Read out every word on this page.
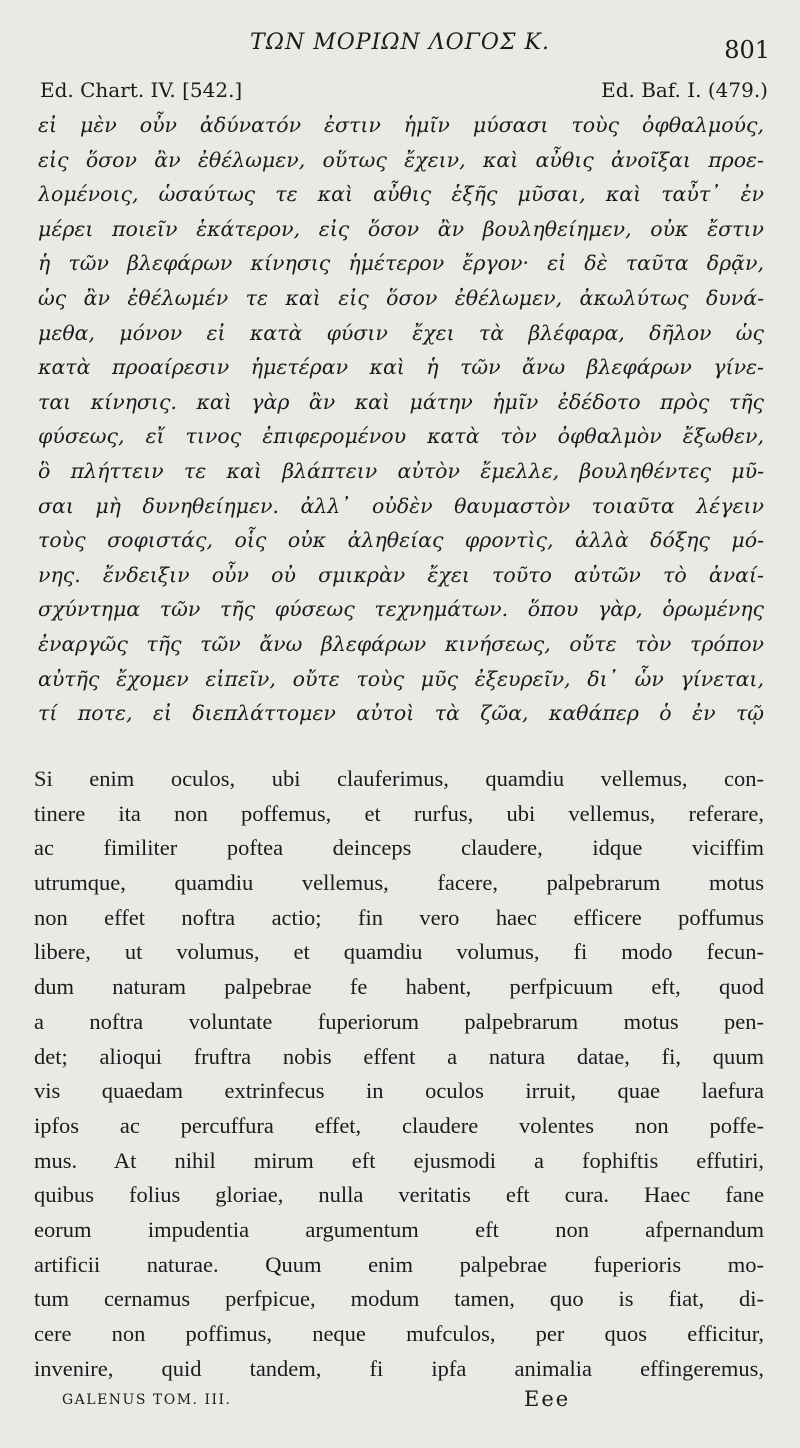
ΤΩΝ ΜΟΡΙΩΝ ΛΟΓΟΣ Κ.	801
Ed. Chart. IV. [542.]	Ed. Baf. I. (479.)
εἰ μὲν οὖν ἀδύνατόν ἐστιν ἡμῖν μύσασι τοὺς ὀφθαλμούς,
εἰς ὅσον ἂν ἐθέλωμεν, οὕτως ἔχειν, καὶ αὖθις ἀνοῖξαι προε-
λομένοις, ὡσαύτως τε καὶ αὖθις ἑξῆς μῦσαι, καὶ ταὖτ᾽ ἐν
μέρει ποιεῖν ἑκάτερον, εἰς ὅσον ἂν βουληθείημεν, οὐκ ἔστιν
ἡ τῶν βλεφάρων κίνησις ἡμέτερον ἔργον· εἰ δὲ ταῦτα δρᾷν,
ὡς ἂν ἐθέλωμέν τε καὶ εἰς ὅσον ἐθέλωμεν, ἀκωλύτως δυνά-
μεθα, μόνον εἰ κατὰ φύσιν ἔχει τὰ βλέφαρα, δῆλον ὡς
κατὰ προαίρεσιν ἡμετέραν καὶ ἡ τῶν ἄνω βλεφάρων γίνε-
ται κίνησις. καὶ γὰρ ἂν καὶ μάτην ἡμῖν ἐδέδοτο πρὸς τῆς
φύσεως, εἴ τινος ἐπιφερομένου κατὰ τὸν ὀφθαλμὸν ἔξωθεν,
ὃ πλήττειν τε καὶ βλάπτειν αὐτὸν ἔμελλε, βουληθέντες μῦ-
σαι μὴ δυνηθείημεν. ἀλλ᾽ οὐδὲν θαυμαστὸν τοιαῦτα λέγειν
τοὺς σοφιστάς, οἷς οὐκ ἀληθείας φροντὶς, ἀλλὰ δόξης μό-
νης. ἔνδειξιν οὖν οὐ σμικρὰν ἔχει τοῦτο αὐτῶν τὸ ἀναί-
σχύντημα τῶν τῆς φύσεως τεχνημάτων. ὅπου γὰρ, ὁρωμένης
ἐναργῶς τῆς τῶν ἄνω βλεφάρων κινήσεως, οὔτε τὸν τρόπον
αὐτῆς ἔχομεν εἰπεῖν, οὔτε τοὺς μῦς ἐξευρεῖν, δι᾽ ὧν γίνεται,
τί ποτε, εἰ διεπλάττομεν αὐτοὶ τὰ ζῶα, καθάπερ ὁ ἐν τῷ
Si enim oculos, ubi clauferimus, quamdiu vellemus, con-
tinere ita non poffemus, et rurfus, ubi vellemus, referare,
ac fimiliter poftea deinceps claudere, idque viciffim
utrumque, quamdiu vellemus, facere, palpebrarum motus
non effet noftra actio; fin vero haec efficere poffumus
libere, ut volumus, et quamdiu volumus, fi modo fecun-
dum naturam palpebrae fe habent, perfpicuum eft, quod
a noftra voluntate fuperiorum palpebrarum motus pen-
det; alioqui fruftra nobis effent a natura datae, fi, quum
vis quaedam extrinfecus in oculos irruit, quae laefura
ipfos ac percuffura effet, claudere volentes non poffe-
mus. At nihil mirum eft ejusmodi a fophiftis effutiri,
quibus folius gloriae, nulla veritatis eft cura. Haec fane
eorum impudentia argumentum eft non afpernandum
artificii naturae. Quum enim palpebrae fuperioris mo-
tum cernamus perfpicue, modum tamen, quo is fiat, di-
cere non poffimus, neque mufculos, per quos efficitur,
invenire, quid tandem, fi ipfa animalia effingeremus,
GALENUS TOM. III.	Eee
